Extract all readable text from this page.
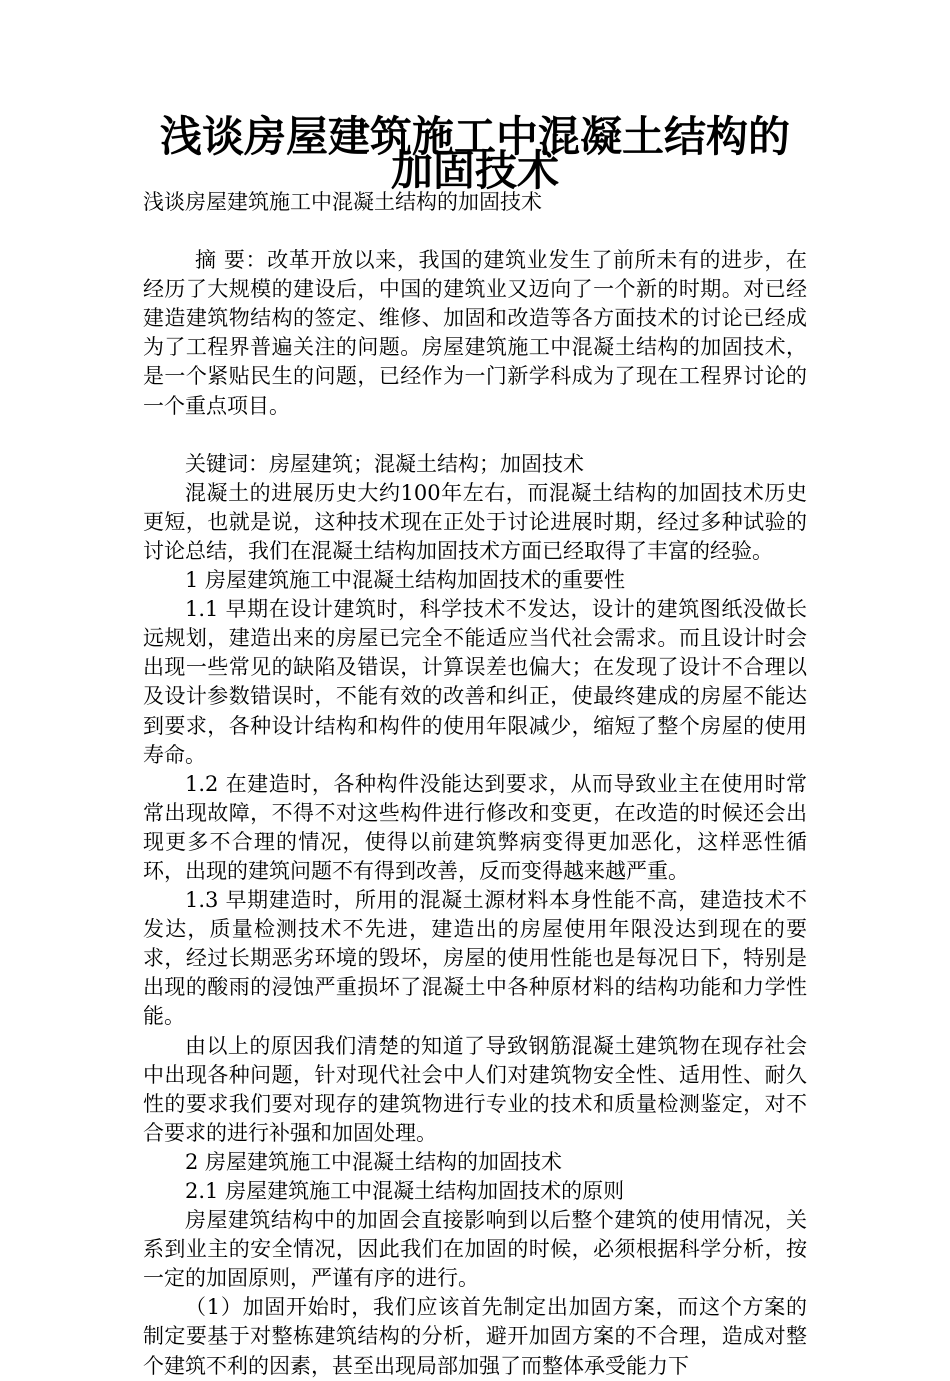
浅谈房屋建筑施工中混凝土结构的加固技术

浅谈房屋建筑施工中混凝土结构的加固技术

摘 要：改革开放以来，我国的建筑业发生了前所未有的进步，在经历了大规模的建设后，中国的建筑业又迈向了一个新的时期。对已经建造建筑物结构的签定、维修、加固和改造等各方面技术的讨论已经成为了工程界普遍关注的问题。房屋建筑施工中混凝土结构的加固技术，是一个紧贴民生的问题，已经作为一门新学科成为了现在工程界讨论的一个重点项目。

关键词：房屋建筑；混凝土结构；加固技术

混凝土的进展历史大约100年左右，而混凝土结构的加固技术历史更短，也就是说，这种技术现在正处于讨论进展时期，经过多种试验的讨论总结，我们在混凝土结构加固技术方面已经取得了丰富的经验。

1 房屋建筑施工中混凝土结构加固技术的重要性

1.1 早期在设计建筑时，科学技术不发达，设计的建筑图纸没做长远规划，建造出来的房屋已完全不能适应当代社会需求。而且设计时会出现一些常见的缺陷及错误，计算误差也偏大；在发现了设计不合理以及设计参数错误时，不能有效的改善和纠正，使最终建成的房屋不能达到要求，各种设计结构和构件的使用年限减少，缩短了整个房屋的使用寿命。

1.2 在建造时，各种构件没能达到要求，从而导致业主在使用时常常出现故障，不得不对这些构件进行修改和变更，在改造的时候还会出现更多不合理的情况，使得以前建筑弊病变得更加恶化，这样恶性循环，出现的建筑问题不有得到改善，反而变得越来越严重。

1.3 早期建造时，所用的混凝土源材料本身性能不高，建造技术不发达，质量检测技术不先进，建造出的房屋使用年限没达到现在的要求，经过长期恶劣环境的毁坏，房屋的使用性能也是每况日下，特别是出现的酸雨的浸蚀严重损坏了混凝土中各种原材料的结构功能和力学性能。

由以上的原因我们清楚的知道了导致钢筋混凝土建筑物在现存社会中出现各种问题，针对现代社会中人们对建筑物安全性、适用性、耐久性的要求我们要对现存的建筑物进行专业的技术和质量检测鉴定，对不合要求的进行补强和加固处理。

2 房屋建筑施工中混凝土结构的加固技术

2.1 房屋建筑施工中混凝土结构加固技术的原则

房屋建筑结构中的加固会直接影响到以后整个建筑的使用情况，关系到业主的安全情况，因此我们在加固的时候，必须根据科学分析，按一定的加固原则，严谨有序的进行。

（1）加固开始时，我们应该首先制定出加固方案，而这个方案的制定要基于对整栋建筑结构的分析，避开加固方案的不合理，造成对整个建筑不利的因素，甚至出现局部加强了而整体承受能力下
